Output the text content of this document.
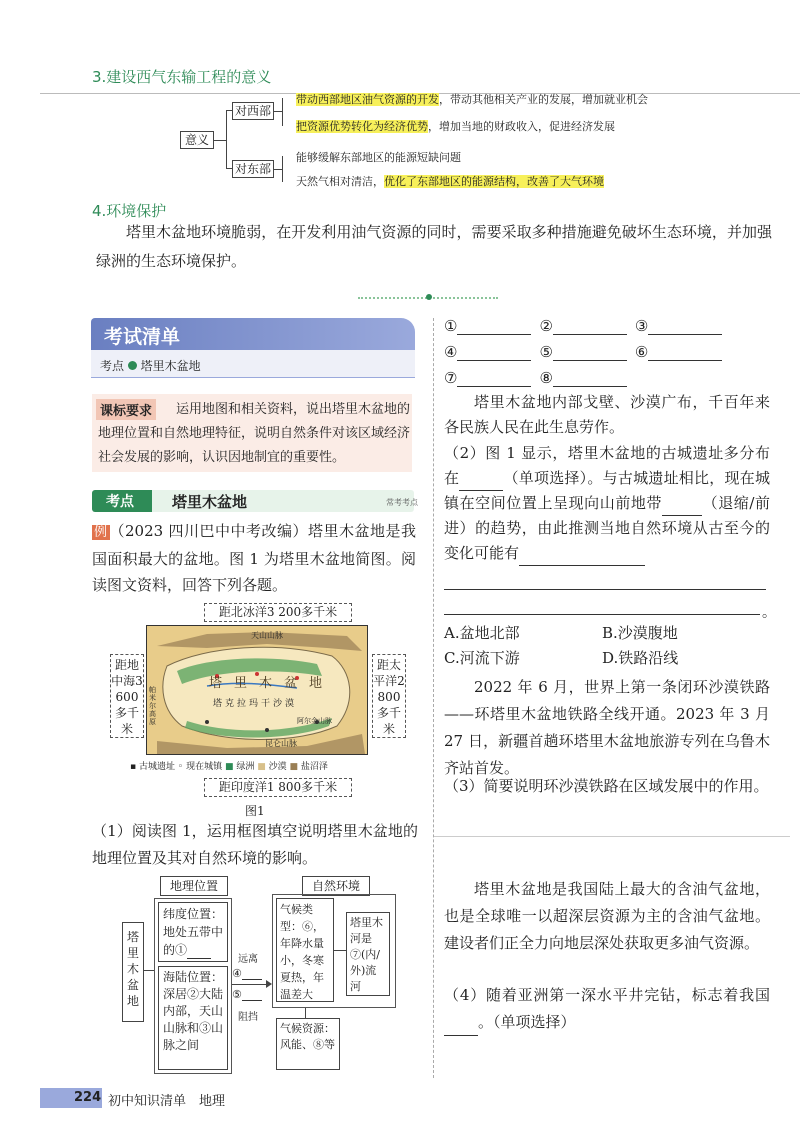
3.建设西气东输工程的意义
意义
对西部
对东部
带动西部地区油气资源的开发，带动其他相关产业的发展，增加就业机会
把资源优势转化为经济优势，增加当地的财政收入，促进经济发展
能够缓解东部地区的能源短缺问题
天然气相对清洁，优化了东部地区的能源结构，改善了大气环境
4.环境保护
塔里木盆地环境脆弱，在开发利用油气资源的同时，需要采取多种措施避免破坏生态环境，并加强绿洲的生态环境保护。
考试清单
考点 塔里木盆地
课标要求	运用地图和相关资料，说出塔里木盆地的地理位置和自然地理特征，说明自然条件对该区域经济社会发展的影响，认识因地制宜的重要性。
考点	塔里木盆地	常考考点
例 （2023 四川巴中中考改编）塔里木盆地是我国面积最大的盆地。图 1 为塔里木盆地简图。阅读图文资料，回答下列各题。
距北冰洋3 200多千米
天山山脉
塔里木盆地
塔克拉玛干沙漠
昆仑山脉
阿尔金山脉
帕米尔高原
距地中海3 600多千米
距太平洋2 800多千米
▪ 古城遗址 ◦ 现在城镇 ■ 绿洲 ■ 沙漠 ■ 盐沼泽
距印度洋1 800多千米
图1
（1）阅读图 1，运用框图填空说明塔里木盆地的地理位置及其对自然环境的影响。
地理位置	自然环境
塔里木盆地
纬度位置：地处五带中的①
海陆位置：深居②大陆内部，天山山脉和③山脉之间
远离
④
⑤
阻挡
气候类型：⑥，年降水量小，冬寒夏热，年温差大
塔里木河是⑦(内/外)流河
气候资源：风能、⑧等
①	②	③
④	⑤	⑥
⑦	⑧
塔里木盆地内部戈壁、沙漠广布，千百年来各民族人民在此生息劳作。
（2）图 1 显示，塔里木盆地的古城遗址多分布在	（单项选择）。与古城遗址相比，现在城镇在空间位置上呈现向山前地带	（退缩/前进）的趋势，由此推测当地自然环境从古至今的变化可能有
。
A.盆地北部	B.沙漠腹地
C.河流下游	D.铁路沿线
2022 年 6 月，世界上第一条闭环沙漠铁路——环塔里木盆地铁路全线开通。2023 年 3 月 27 日，新疆首趟环塔里木盆地旅游专列在乌鲁木齐站首发。
（3）简要说明环沙漠铁路在区域发展中的作用。
塔里木盆地是我国陆上最大的含油气盆地，也是全球唯一以超深层资源为主的含油气盆地。建设者们正全力向地层深处获取更多油气资源。
（4）随着亚洲第一深水平井完钻，标志着我国。（单项选择）
224 初中知识清单　地理
